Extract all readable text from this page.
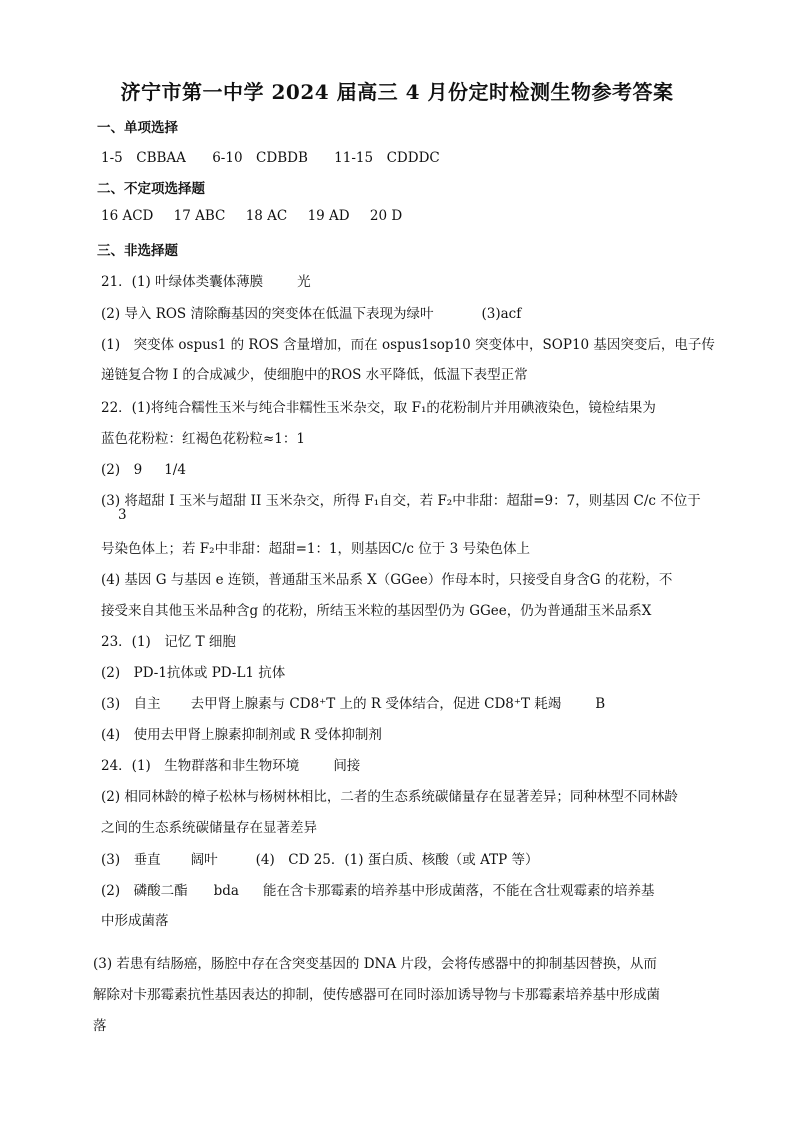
济宁市第一中学 2024 届高三 4 月份定时检测生物参考答案
一、单项选择
1-5　CBBAA 6-10　CDBDB 11-15　CDDDC
二、不定项选择题
16 ACD 17 ABC 18 AC 19 AD 20 D
三、非选择题
21．(1) 叶绿体类囊体薄膜	光
(2) 导入 ROS 清除酶基因的突变体在低温下表现为绿叶	(3)acf
(1)　突变体 ospus1 的 ROS 含量增加，而在 ospus1sop10 突变体中，SOP10 基因突变后，电子传
递链复合物 I 的合成减少，使细胞中的ROS 水平降低，低温下表型正常
22．(1)将纯合糯性玉米与纯合非糯性玉米杂交，取 F₁的花粉制片并用碘液染色，镜检结果为
蓝色花粉粒：红褐色花粉粒≈1：1
(2)　9 1/4
(3) 将超甜 I 玉米与超甜 II 玉米杂交，所得 F₁自交，若 F₂中非甜：超甜=9：7，则基因 C/c 不位于
3
号染色体上；若 F₂中非甜：超甜=1：1，则基因C/c 位于 3 号染色体上
(4) 基因 G 与基因 e 连锁，普通甜玉米品系 X（GGee）作母本时，只接受自身含G 的花粉，不
接受来自其他玉米品种含g 的花粉，所结玉米粒的基因型仍为 GGee，仍为普通甜玉米品系X
23．(1)　记忆 T 细胞
(2)　PD-1抗体或 PD-L1 抗体
(3)　自主 去甲肾上腺素与 CD8⁺T 上的 R 受体结合，促进 CD8⁺T 耗竭	B
(4)　使用去甲肾上腺素抑制剂或 R 受体抑制剂
24．(1)　生物群落和非生物环境	间接
(2) 相同林龄的樟子松林与杨树林相比，二者的生态系统碳储量存在显著差异；同种林型不同林龄
之间的生态系统碳储量存在显著差异
(3)　垂直 阔叶	(4)　CD 25．(1) 蛋白质、核酸（或 ATP 等）
(2)　磷酸二酯 bda 能在含卡那霉素的培养基中形成菌落，不能在含壮观霉素的培养基
中形成菌落
(3) 若患有结肠癌，肠腔中存在含突变基因的 DNA 片段，会将传感器中的抑制基因替换，从而
解除对卡那霉素抗性基因表达的抑制，使传感器可在同时添加诱导物与卡那霉素培养基中形成菌
落
